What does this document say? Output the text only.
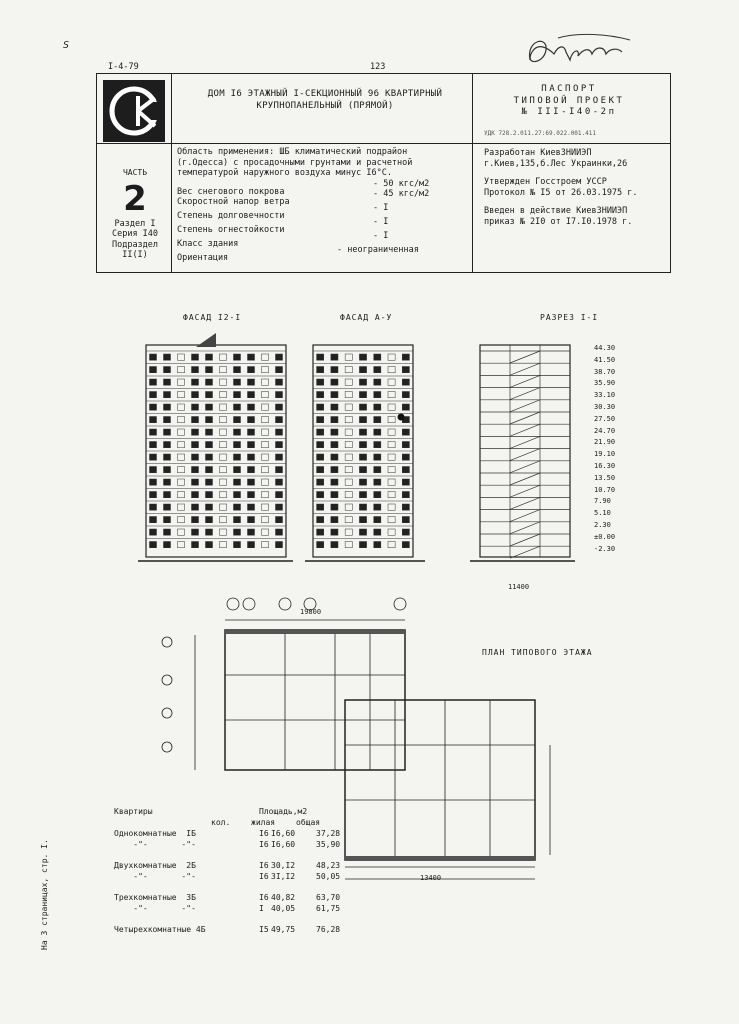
S
I-4-79	123
ДОМ I6 ЭТАЖНЫЙ I-СЕКЦИОННЫЙ 96 КВАРТИРНЫЙ
КРУПНОПАНЕЛЬНЫЙ (ПРЯМОЙ)
ПАСПОРТ
ТИПОВОЙ ПРОЕКТ
№ III-I40-2п
УДК 728.2.011.27:69.022.001.411
ЧАСТЬ
2
Раздел I
Серия I40
Подраздел
II(I)
Область применения: ШБ климатический подрайон
(г.Одесса) с просадочными грунтами и расчетной
температурой наружного воздуха минус I6°С.
Вес снегового покрова
- 50 кгс/м2
Скоростной напор ветра
- 45 кгс/м2
Степень долговечности
- I
Степень огнестойкости
- I
Класс здания
- I
Ориентация
- неограниченная
Разработан КиевЗНИИЭП
г.Киев,135,б.Лес Украинки,26
Утвержден Госстроем УССР
Протокол № I5 от 26.03.1975 г.
Введен в действие КиевЗНИИЭП
приказ № 2I0 от I7.I0.1978 г.
ФАСАД I2-I	ФАСАД А-У	РАЗРЕЗ I-I
44.30
41.50
38.70
35.90
33.10
30.30
27.50
24.70
21.90
19.10
16.30
13.50
10.70
7.90
5.10
2.30
±0.00
-2.30
11400
19800
13400
ПЛАН ТИПОВОГО ЭТАЖА
Квартиры	Площадь,м2
кол.	жилая	общая
Однокомнатные  IБ	I6 I6,60	37,28
-"-       -"-	I6 I6,60	35,90
Двухкомнатные  2Б	I6 30,I2	48,23
-"-       -"-	I6 3I,I2	50,05
Трехкомнатные  3Б	I6 40,82	63,70
-"-       -"-	I 40,05	61,75
Четырехкомнатные 4Б	I5 49,75	76,28
На 3 страницах, стр. I.
